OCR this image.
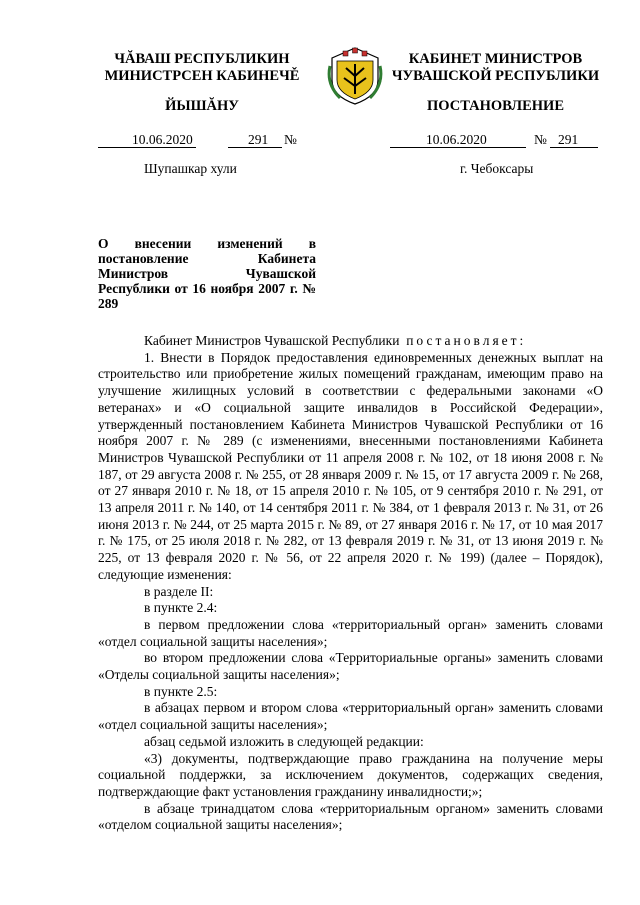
ЧĂВАШ РЕСПУБЛИКИН
МИНИСТРСЕН КАБИНЕЧĚ
ЙЫШĂНУ
КАБИНЕТ МИНИСТРОВ
ЧУВАШСКОЙ РЕСПУБЛИКИ
ПОСТАНОВЛЕНИЕ
10.06.2020	291 №	10.06.2020	№ 291
Шупашкар хули	г. Чебоксары
О внесении изменений в постановление Кабинета Министров Чувашской Республики от 16 ноября 2007 г. № 289

Кабинет Министров Чувашской Республики постановляет:

1. Внести в Порядок предоставления единовременных денежных выплат на строительство или приобретение жилых помещений гражданам, имеющим право на улучшение жилищных условий в соответствии с федеральными законами «О ветеранах» и «О социальной защите инвалидов в Российской Федерации», утвержденный постановлением Кабинета Министров Чувашской Республики от 16 ноября 2007 г. № 289 (с изменениями, внесенными постановлениями Кабинета Министров Чувашской Республики от 11 апреля 2008 г. № 102, от 18 июня 2008 г. № 187, от 29 августа 2008 г. № 255, от 28 января 2009 г. № 15, от 17 августа 2009 г. № 268, от 27 января 2010 г. № 18, от 15 апреля 2010 г. № 105, от 9 сентября 2010 г. № 291, от 13 апреля 2011 г. № 140, от 14 сентября 2011 г. № 384, от 1 февраля 2013 г. № 31, от 26 июня 2013 г. № 244, от 25 марта 2015 г. № 89, от 27 января 2016 г. № 17, от 10 мая 2017 г. № 175, от 25 июля 2018 г. № 282, от 13 февраля 2019 г. № 31, от 13 июня 2019 г. № 225, от 13 февраля 2020 г. № 56, от 22 апреля 2020 г. № 199) (далее – Порядок), следующие изменения:

в разделе II:

в пункте 2.4:

в первом предложении слова «территориальный орган» заменить словами «отдел социальной защиты населения»;

во втором предложении слова «Территориальные органы» заменить словами «Отделы социальной защиты населения»;

в пункте 2.5:

в абзацах первом и втором слова «территориальный орган» заменить словами «отдел социальной защиты населения»;

абзац седьмой изложить в следующей редакции:

«3) документы, подтверждающие право гражданина на получение меры социальной поддержки, за исключением документов, содержащих сведения, подтверждающие факт установления гражданину инвалидности;»;

в абзаце тринадцатом слова «территориальным органом» заменить словами «отделом социальной защиты населения»;
